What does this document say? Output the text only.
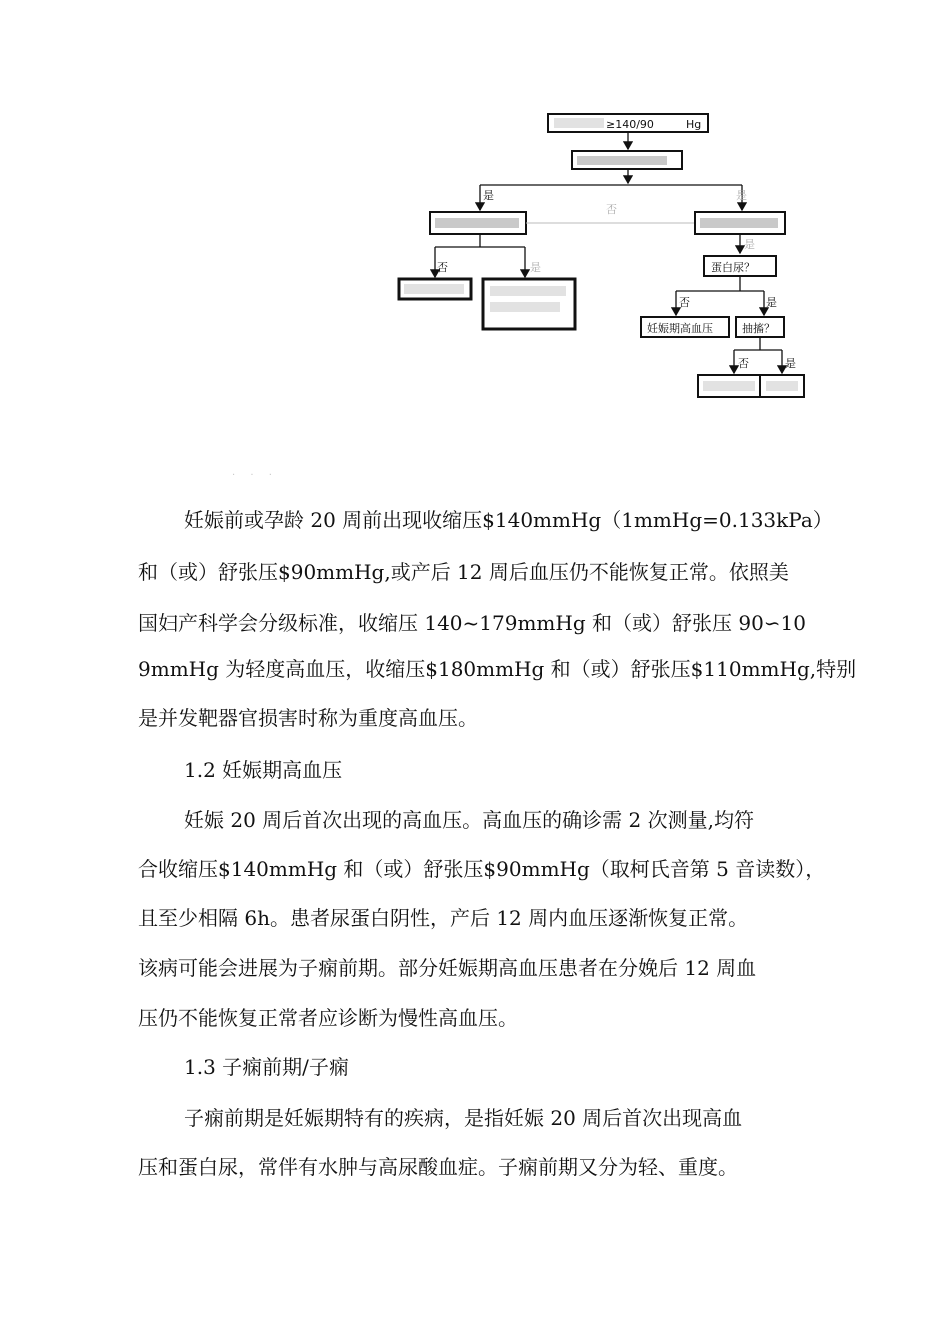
≥140/90	Hg
是	是
否
否	是
是
蛋白尿？
否	是
妊娠期高血压	抽搐？
否	是
· · ·
妊娠前或孕龄 20 周前出现收缩压$140mmHg（1mmHg=0.133kPa）
和（或）舒张压$90mmHg,或产后 12 周后血压仍不能恢复正常。依照美
国妇产科学会分级标准，收缩压 140~179mmHg 和（或）舒张压 90∽10
9mmHg 为轻度高血压，收缩压$180mmHg 和（或）舒张压$110mmHg,特别
是并发靶器官损害时称为重度高血压。
1.2 妊娠期高血压
妊娠 20 周后首次出现的高血压。高血压的确诊需 2 次测量,均符
合收缩压$140mmHg 和（或）舒张压$90mmHg（取柯氏音第 5 音读数），
且至少相隔 6h。患者尿蛋白阴性，产后 12 周内血压逐渐恢复正常。
该病可能会进展为子痫前期。部分妊娠期高血压患者在分娩后 12 周血
压仍不能恢复正常者应诊断为慢性高血压。
1.3 子痫前期/子痫
子痫前期是妊娠期特有的疾病，是指妊娠 20 周后首次出现高血
压和蛋白尿，常伴有水肿与高尿酸血症。子痫前期又分为轻、重度。
